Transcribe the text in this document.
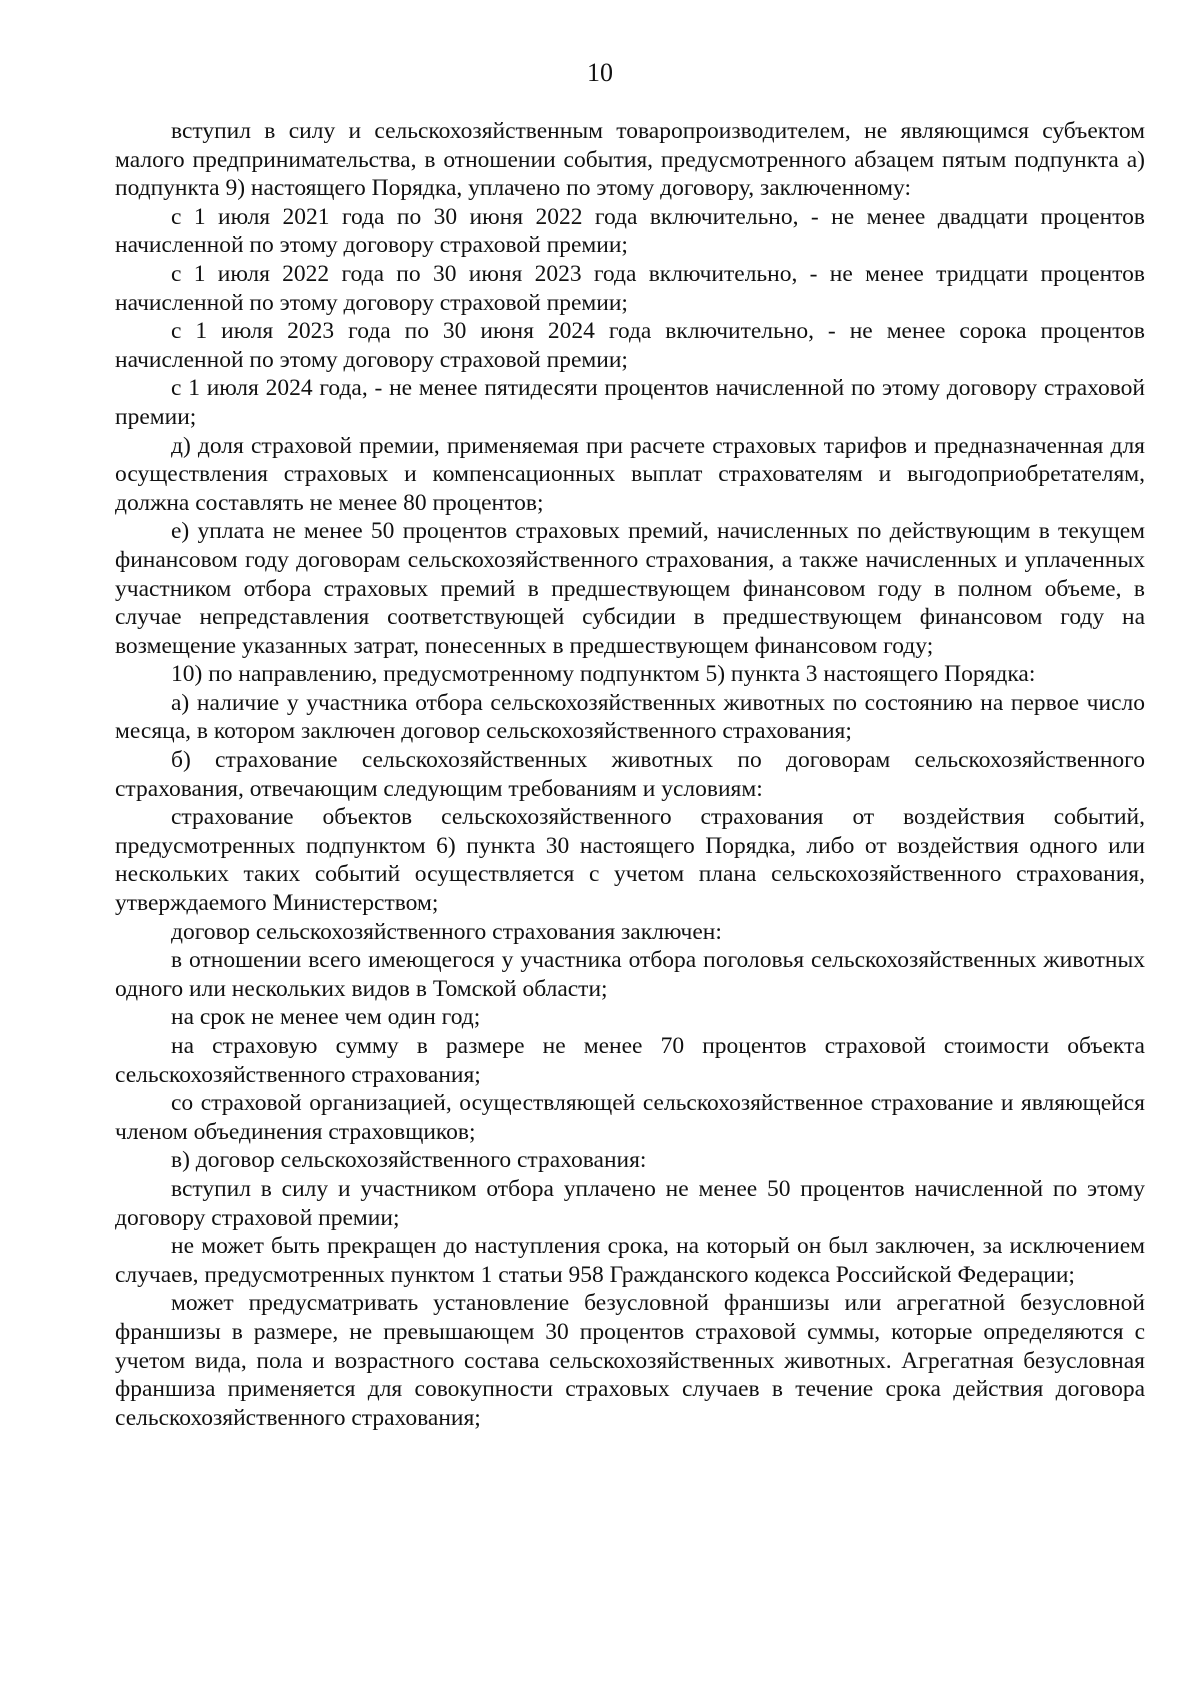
10

вступил в силу и сельскохозяйственным товаропроизводителем, не являющимся субъектом малого предпринимательства, в отношении события, предусмотренного абзацем пятым подпункта а) подпункта 9) настоящего Порядка, уплачено по этому договору, заключенному:

с 1 июля 2021 года по 30 июня 2022 года включительно, - не менее двадцати процентов начисленной по этому договору страховой премии;

с 1 июля 2022 года по 30 июня 2023 года включительно, - не менее тридцати процентов начисленной по этому договору страховой премии;

с 1 июля 2023 года по 30 июня 2024 года включительно, - не менее сорока процентов начисленной по этому договору страховой премии;

с 1 июля 2024 года, - не менее пятидесяти процентов начисленной по этому договору страховой премии;

д) доля страховой премии, применяемая при расчете страховых тарифов и предназначенная для осуществления страховых и компенсационных выплат страхователям и выгодоприобретателям, должна составлять не менее 80 процентов;

е) уплата не менее 50 процентов страховых премий, начисленных по действующим в текущем финансовом году договорам сельскохозяйственного страхования, а также начисленных и уплаченных участником отбора страховых премий в предшествующем финансовом году в полном объеме, в случае непредставления соответствующей субсидии в предшествующем финансовом году на возмещение указанных затрат, понесенных в предшествующем финансовом году;

10) по направлению, предусмотренному подпунктом 5) пункта 3 настоящего Порядка:

а) наличие у участника отбора сельскохозяйственных животных по состоянию на первое число месяца, в котором заключен договор сельскохозяйственного страхования;

б) страхование сельскохозяйственных животных по договорам сельскохозяйственного страхования, отвечающим следующим требованиям и условиям:

страхование объектов сельскохозяйственного страхования от воздействия событий, предусмотренных подпунктом 6) пункта 30 настоящего Порядка, либо от воздействия одного или нескольких таких событий осуществляется с учетом плана сельскохозяйственного страхования, утверждаемого Министерством;

договор сельскохозяйственного страхования заключен:

в отношении всего имеющегося у участника отбора поголовья сельскохозяйственных животных одного или нескольких видов в Томской области;

на срок не менее чем один год;

на страховую сумму в размере не менее 70 процентов страховой стоимости объекта сельскохозяйственного страхования;

со страховой организацией, осуществляющей сельскохозяйственное страхование и являющейся членом объединения страховщиков;

в) договор сельскохозяйственного страхования:

вступил в силу и участником отбора уплачено не менее 50 процентов начисленной по этому договору страховой премии;

не может быть прекращен до наступления срока, на который он был заключен, за исключением случаев, предусмотренных пунктом 1 статьи 958 Гражданского кодекса Российской Федерации;

может предусматривать установление безусловной франшизы или агрегатной безусловной франшизы в размере, не превышающем 30 процентов страховой суммы, которые определяются с учетом вида, пола и возрастного состава сельскохозяйственных животных. Агрегатная безусловная франшиза применяется для совокупности страховых случаев в течение срока действия договора сельскохозяйственного страхования;
